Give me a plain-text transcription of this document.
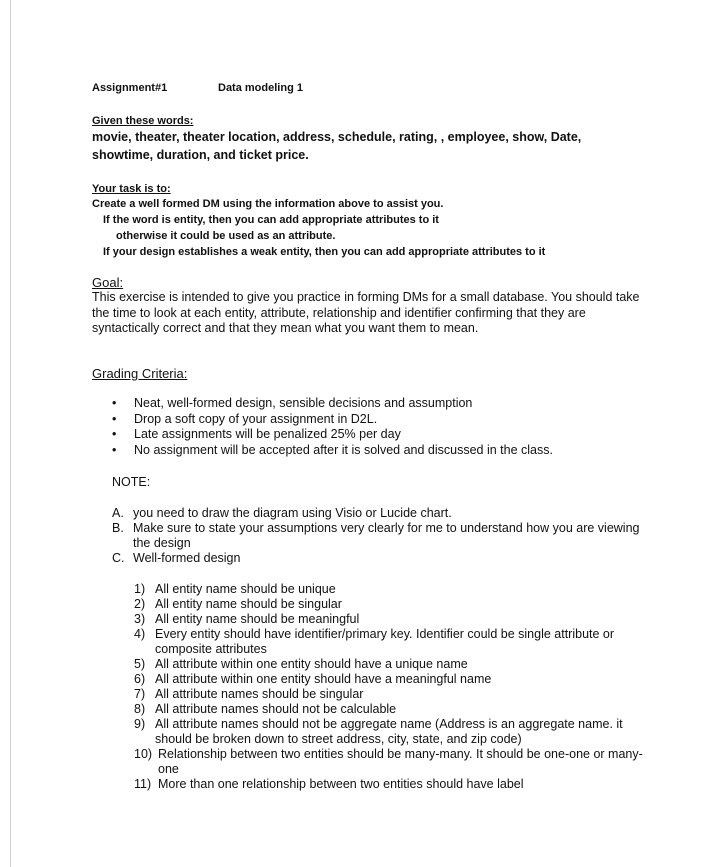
Assignment#1	Data modeling 1
Given these words:
movie, theater, theater location, address, schedule, rating, , employee, show, Date, showtime, duration, and ticket price.
Your task is to:
Create a well formed DM using the information above to assist you.
If the word is entity, then you can add appropriate attributes to it
otherwise it could be used as an attribute.
If your design establishes a weak entity, then you can add appropriate attributes to it
Goal:
This exercise is intended to give you practice in forming DMs for a small database. You should take the time to look at each entity, attribute, relationship and identifier confirming that they are syntactically correct and that they mean what you want them to mean.
Grading Criteria:
• Neat, well-formed design, sensible decisions and assumption
• Drop a soft copy of your assignment in D2L.
• Late assignments will be penalized 25% per day
• No assignment will be accepted after it is solved and discussed in the class.
NOTE:
A. you need to draw the diagram using Visio or Lucide chart.
B. Make sure to state your assumptions very clearly for me to understand how you are viewing the design
C. Well-formed design
1) All entity name should be unique
2) All entity name should be singular
3) All entity name should be meaningful
4) Every entity should have identifier/primary key. Identifier could be single attribute or composite attributes
5) All attribute within one entity should have a unique name
6) All attribute within one entity should have a meaningful name
7) All attribute names should be singular
8) All attribute names should not be calculable
9) All attribute names should not be aggregate name (Address is an aggregate name. it should be broken down to street address, city, state, and zip code)
10) Relationship between two entities should be many-many. It should be one-one or many-one
11) More than one relationship between two entities should have label
